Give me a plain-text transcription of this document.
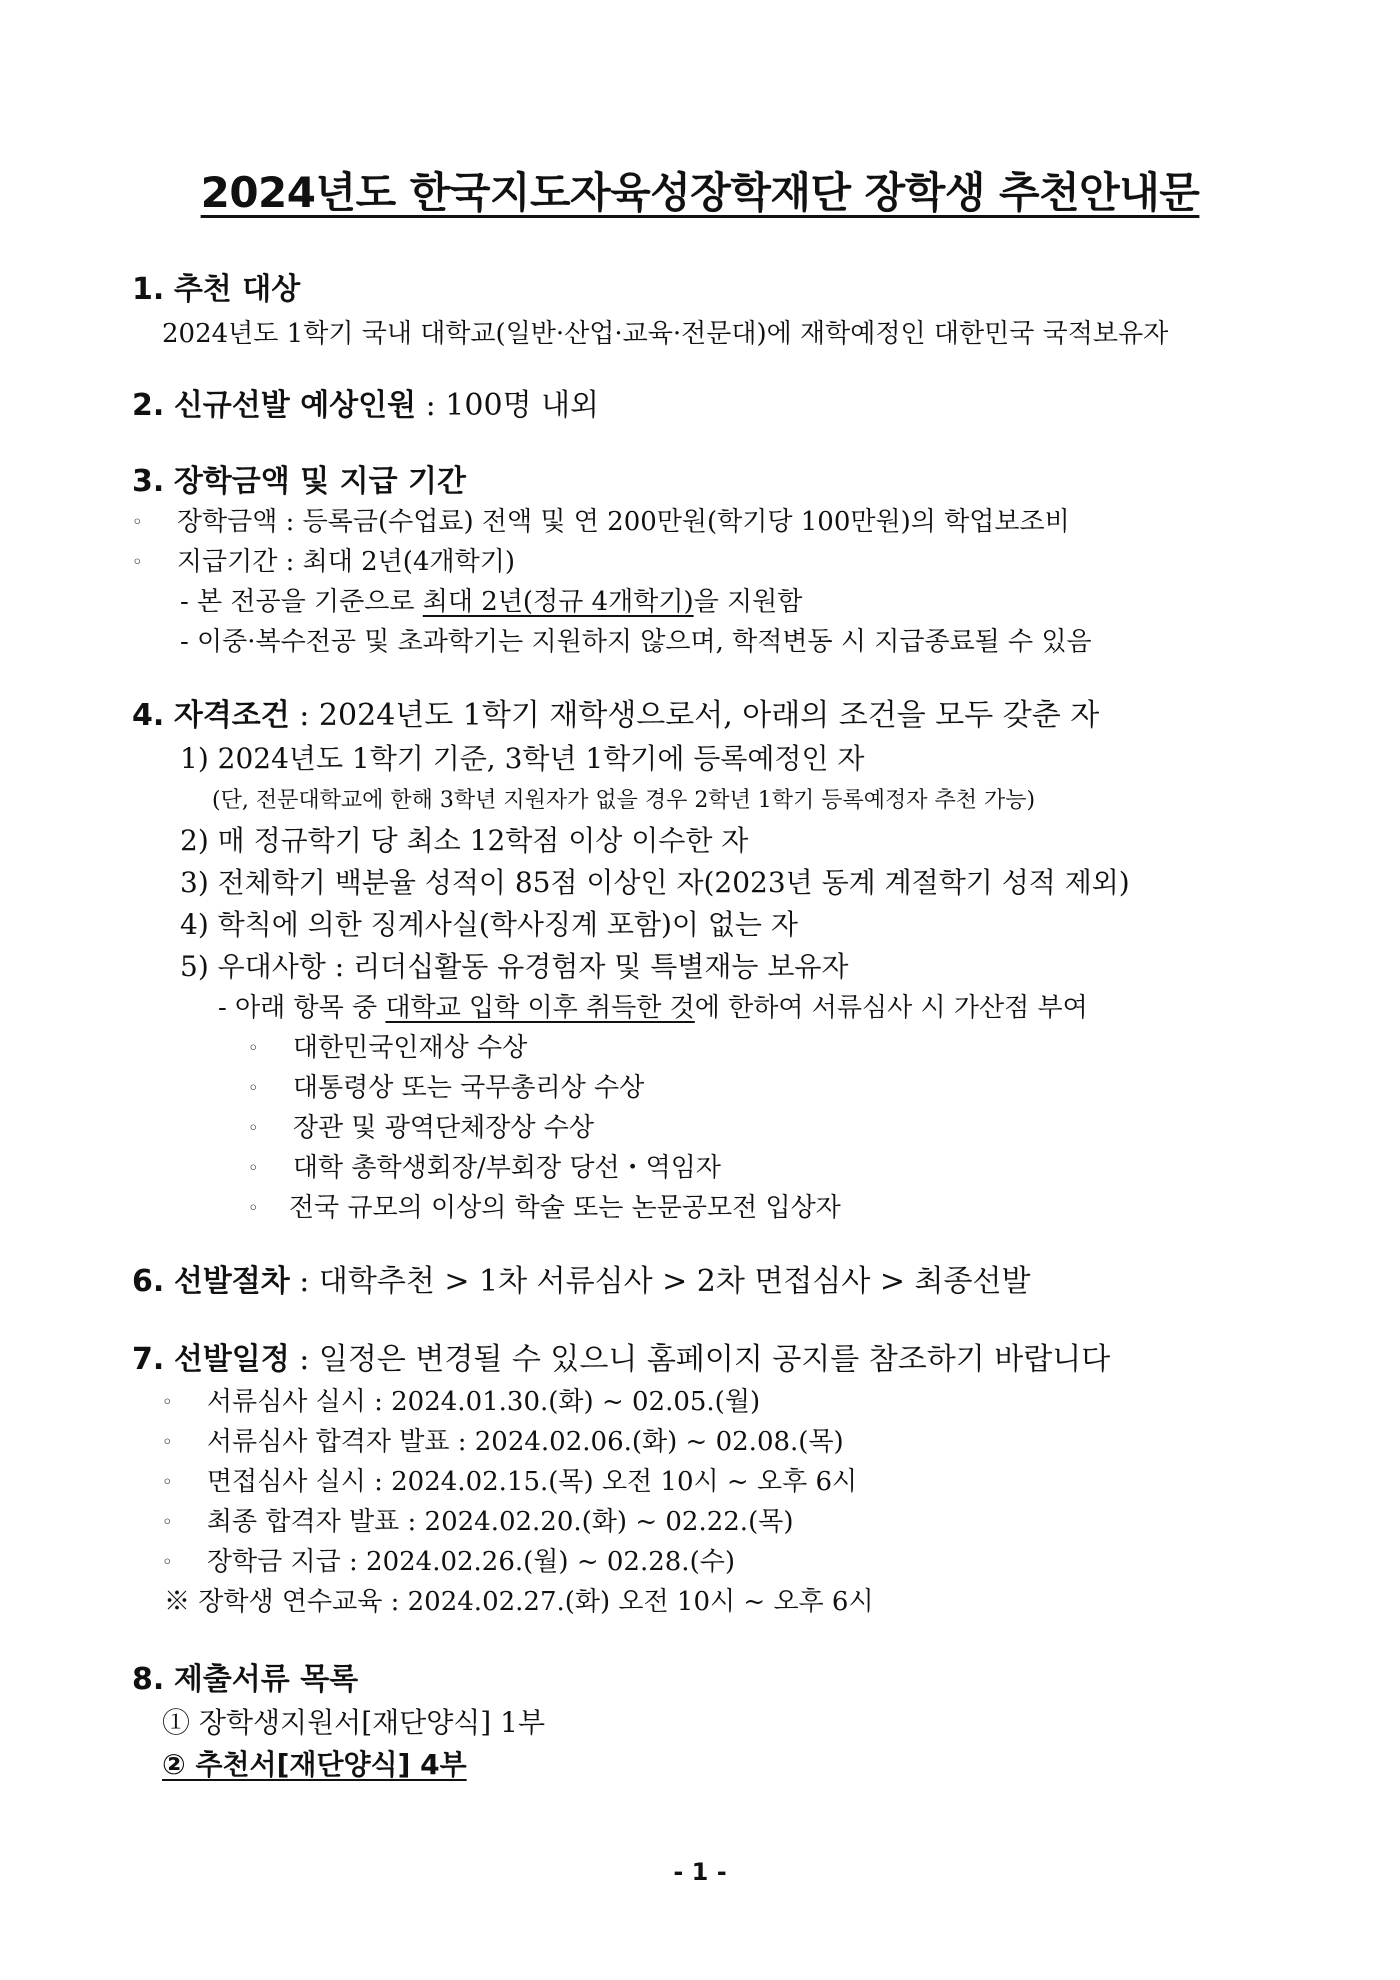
2024년도 한국지도자육성장학재단 장학생 추천안내문
1. 추천 대상
2024년도 1학기 국내 대학교(일반·산업·교육·전문대)에 재학예정인 대한민국 국적보유자
2. 신규선발 예상인원 : 100명 내외
3. 장학금액 및 지급 기간
◦ 장학금액 : 등록금(수업료) 전액 및 연 200만원(학기당 100만원)의 학업보조비
◦ 지급기간 : 최대 2년(4개학기)
- 본 전공을 기준으로 최대 2년(정규 4개학기)을 지원함
- 이중·복수전공 및 초과학기는 지원하지 않으며, 학적변동 시 지급종료될 수 있음
4. 자격조건 : 2024년도 1학기 재학생으로서, 아래의 조건을 모두 갖춘 자
1) 2024년도 1학기 기준, 3학년 1학기에 등록예정인 자
(단, 전문대학교에 한해 3학년 지원자가 없을 경우 2학년 1학기 등록예정자 추천 가능)
2) 매 정규학기 당 최소 12학점 이상 이수한 자
3) 전체학기 백분율 성적이 85점 이상인 자(2023년 동계 계절학기 성적 제외)
4) 학칙에 의한 징계사실(학사징계 포함)이 없는 자
5) 우대사항 : 리더십활동 유경험자 및 특별재능 보유자
- 아래 항목 중 대학교 입학 이후 취득한 것에 한하여 서류심사 시 가산점 부여
◦ 대한민국인재상 수상
◦ 대통령상 또는 국무총리상 수상
◦ 장관 및 광역단체장상 수상
◦ 대학 총학생회장/부회장 당선・역임자
◦ 전국 규모의 이상의 학술 또는 논문공모전 입상자
6. 선발절차 : 대학추천 > 1차 서류심사 > 2차 면접심사 > 최종선발
7. 선발일정 : 일정은 변경될 수 있으니 홈페이지 공지를 참조하기 바랍니다
◦ 서류심사 실시 : 2024.01.30.(화) ~ 02.05.(월)
◦ 서류심사 합격자 발표 : 2024.02.06.(화) ~ 02.08.(목)
◦ 면접심사 실시 : 2024.02.15.(목) 오전 10시 ~ 오후 6시
◦ 최종 합격자 발표 : 2024.02.20.(화) ~ 02.22.(목)
◦ 장학금 지급 : 2024.02.26.(월) ~ 02.28.(수)
※ 장학생 연수교육 : 2024.02.27.(화) 오전 10시 ~ 오후 6시
8. 제출서류 목록
① 장학생지원서[재단양식] 1부
② 추천서[재단양식] 4부
- 1 -
